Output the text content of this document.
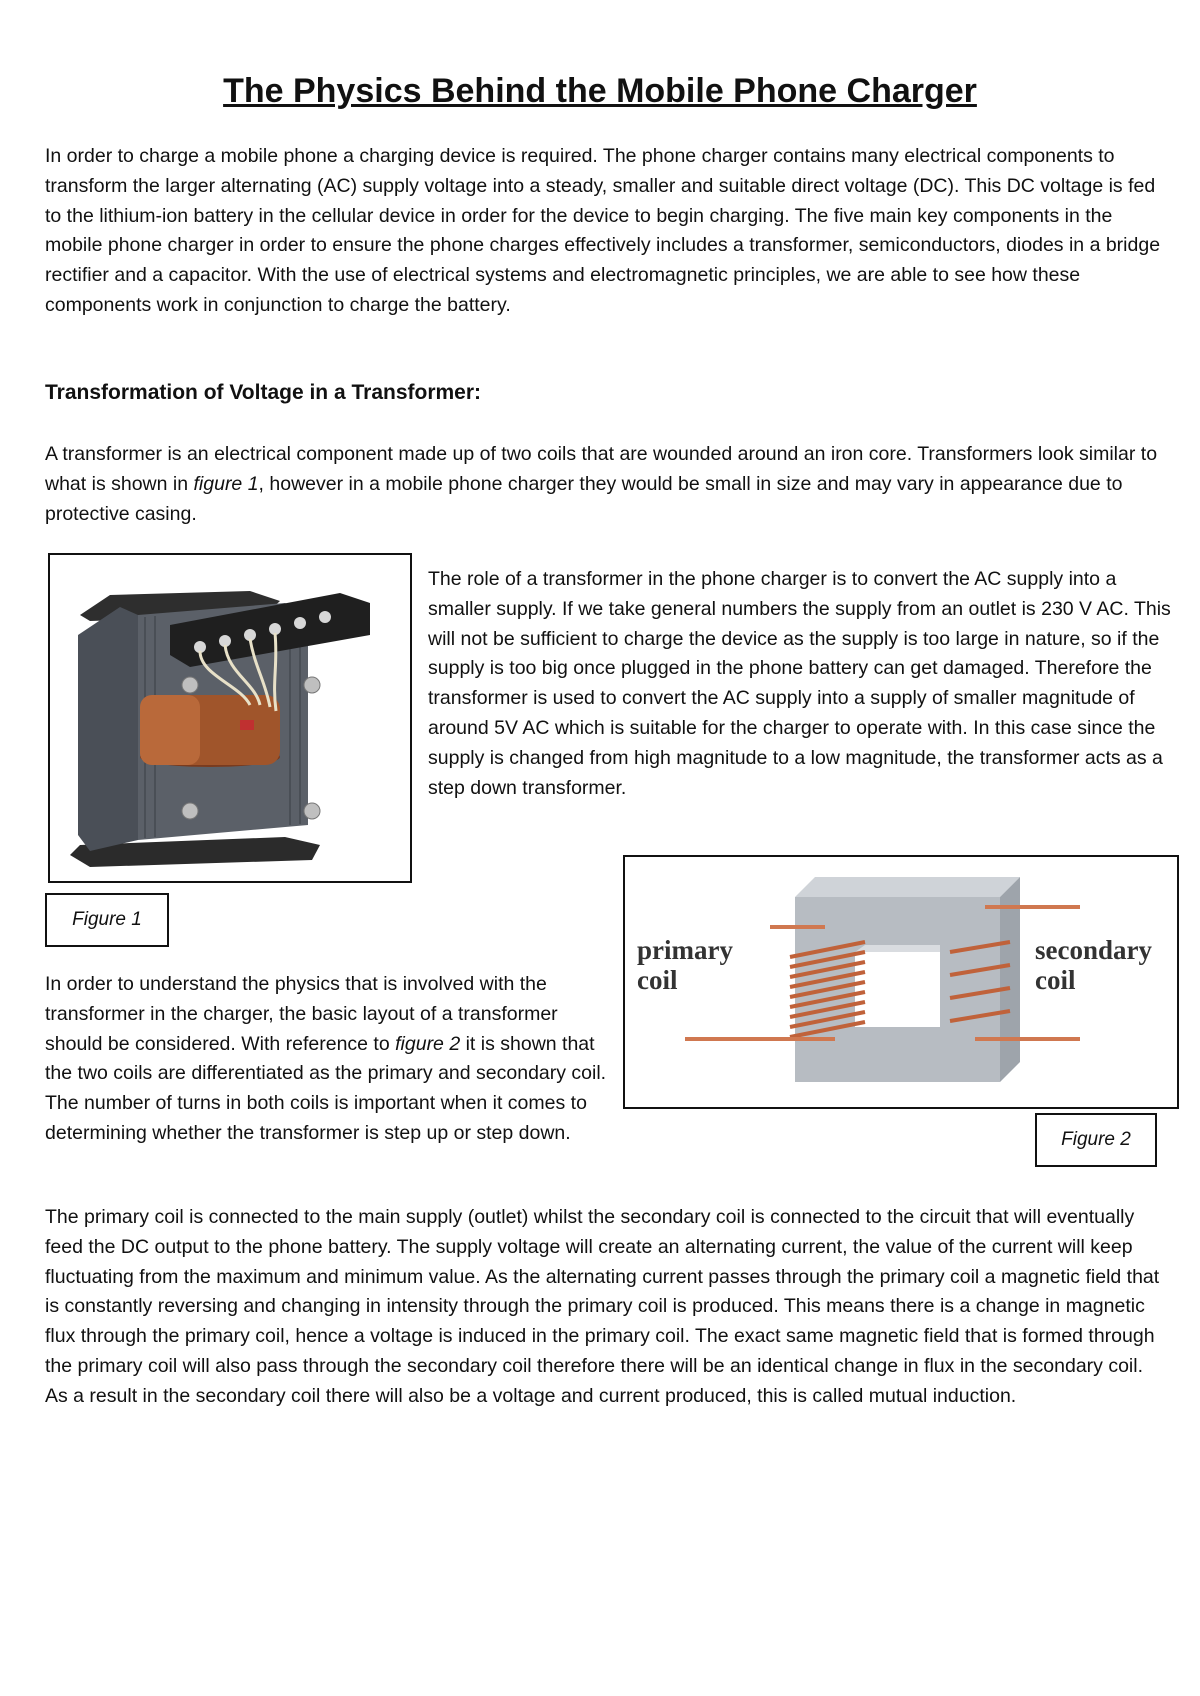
The Physics Behind the Mobile Phone Charger

In order to charge a mobile phone a charging device is required. The phone charger contains many electrical components to transform the larger alternating (AC) supply voltage into a steady, smaller and suitable direct voltage (DC). This DC voltage is fed to the lithium-ion battery in the cellular device in order for the device to begin charging. The five main key components in the mobile phone charger in order to ensure the phone charges effectively includes a transformer, semiconductors, diodes in a bridge rectifier and a capacitor. With the use of electrical systems and electromagnetic principles, we are able to see how these components work in conjunction to charge the battery.

Transformation of Voltage in a Transformer:

A transformer is an electrical component made up of two coils that are wounded around an iron core. Transformers look similar to what is shown in figure 1, however in a mobile phone charger they would be small in size and may vary in appearance due to protective casing.

The role of a transformer in the phone charger is to convert the AC supply into a smaller supply. If we take general numbers the supply from an outlet is 230 V AC. This will not be sufficient to charge the device as the supply is too large in nature, so if the supply is too big once plugged in the phone battery can get damaged. Therefore the transformer is used to convert the AC supply into a supply of smaller magnitude of around 5V AC which is suitable for the charger to operate with. In this case since the supply is changed from high magnitude to a low magnitude, the transformer acts as a step down transformer.

Figure 1
primary
coil
secondary
coil

In order to understand the physics that is involved with the transformer in the charger, the basic layout of a transformer should be considered. With reference to figure 2 it is shown that the two coils are differentiated as the primary and secondary coil. The number of turns in both coils is important when it comes to determining whether the transformer is step up or step down.	Figure 2

The primary coil is connected to the main supply (outlet) whilst the secondary coil is connected to the circuit that will eventually feed the DC output to the phone battery. The supply voltage will create an alternating current, the value of the current will keep fluctuating from the maximum and minimum value. As the alternating current passes through the primary coil a magnetic field that is constantly reversing and changing in intensity through the primary coil is produced. This means there is a change in magnetic flux through the primary coil, hence a voltage is induced in the primary coil. The exact same magnetic field that is formed through the primary coil will also pass through the secondary coil therefore there will be an identical change in flux in the secondary coil. As a result in the secondary coil there will also be a voltage and current produced, this is called mutual induction.
